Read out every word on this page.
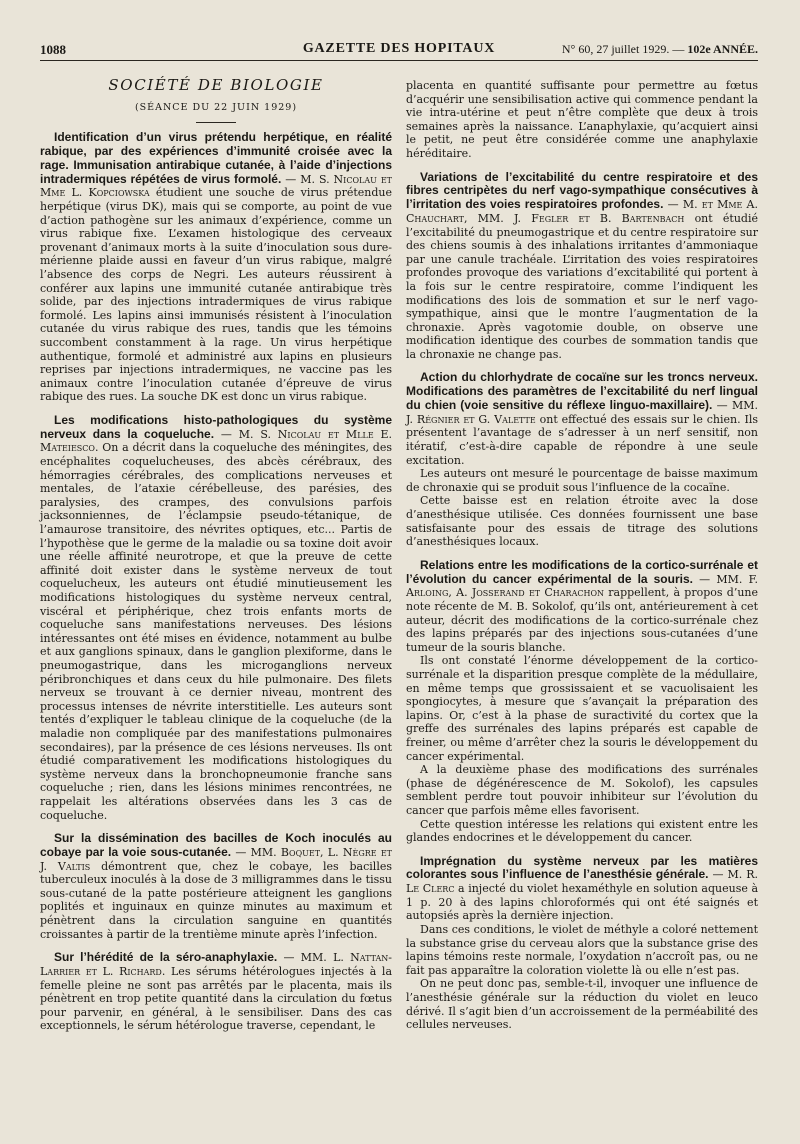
1088	GAZETTE DES HOPITAUX	N° 60, 27 juillet 1929. — 102e ANNÉE.
SOCIÉTÉ DE BIOLOGIE
(SÉANCE DU 22 JUIN 1929)

Identification d’un virus prétendu herpétique, en réalité rabique, par des expériences d’immunité croisée avec la rage. Immunisation antirabique cutanée, à l’aide d’injections intradermiques répétées de virus formolé. — M. S. Nicolau et Mme L. Kopciowska étudient une souche de virus prétendue herpétique (virus DK), mais qui se comporte, au point de vue d’action pathogène sur les animaux d’expérience, comme un virus rabique fixe. L’examen histologique des cerveaux provenant d’animaux morts à la suite d’inoculation sous dure-mérienne plaide aussi en faveur d’un virus rabique, malgré l’absence des corps de Negri. Les auteurs réussirent à conférer aux lapins une immunité cutanée antirabique très solide, par des injections intradermiques de virus rabique formolé. Les lapins ainsi immunisés résistent à l’inoculation cutanée du virus rabique des rues, tandis que les témoins succombent constamment à la rage. Un virus herpétique authentique, formolé et administré aux lapins en plusieurs reprises par injections intradermiques, ne vaccine pas les animaux contre l’inoculation cutanée d’épreuve de virus rabique des rues. La souche DK est donc un virus rabique.

Les modifications histo-pathologiques du système nerveux dans la coqueluche. — M. S. Nicolau et Mlle E. Mateiesco. On a décrit dans la coqueluche des méningites, des encéphalites coquelucheuses, des abcès cérébraux, des hémorragies cérébrales, des complications nerveuses et mentales, de l’ataxie cérébelleuse, des parésies, des paralysies, des crampes, des convulsions parfois jacksonniennes, de l’éclampsie pseudo-tétanique, de l’amaurose transitoire, des névrites optiques, etc... Partis de l’hypothèse que le germe de la maladie ou sa toxine doit avoir une réelle affinité neurotrope, et que la preuve de cette affinité doit exister dans le système nerveux de tout coquelucheux, les auteurs ont étudié minutieusement les modifications histologiques du système nerveux central, viscéral et périphérique, chez trois enfants morts de coqueluche sans manifestations nerveuses. Des lésions intéressantes ont été mises en évidence, notamment au bulbe et aux ganglions spinaux, dans le ganglion plexiforme, dans le pneumogastrique, dans les microganglions nerveux péribronchiques et dans ceux du hile pulmonaire. Des filets nerveux se trouvant à ce dernier niveau, montrent des processus intenses de névrite interstitielle. Les auteurs sont tentés d’expliquer le tableau clinique de la coqueluche (de la maladie non compliquée par des manifestations pulmonaires secondaires), par la présence de ces lésions nerveuses. Ils ont étudié comparativement les modifications histologiques du système nerveux dans la bronchopneumonie franche sans coqueluche ; rien, dans les lésions minimes rencontrées, ne rappelait les altérations observées dans les 3 cas de coqueluche.

Sur la dissémination des bacilles de Koch inoculés au cobaye par la voie sous-cutanée. — MM. Boquet, L. Nègre et J. Valtis démontrent que, chez le cobaye, les bacilles tuberculeux inoculés à la dose de 3 milligrammes dans le tissu sous-cutané de la patte postérieure atteignent les ganglions poplités et inguinaux en quinze minutes au maximum et pénètrent dans la circulation sanguine en quantités croissantes à partir de la trentième minute après l’infection.

Sur l’hérédité de la séro-anaphylaxie. — MM. L. Nattan-Larrier et L. Richard. Les sérums hétérologues injectés à la femelle pleine ne sont pas arrêtés par le placenta, mais ils pénètrent en trop petite quantité dans la circulation du fœtus pour parvenir, en général, à le sensibiliser. Dans des cas exceptionnels, le sérum hétérologue traverse, cependant, le

placenta en quantité suffisante pour permettre au fœtus d’acquérir une sensibilisation active qui commence pendant la vie intra-utérine et peut n’être complète que deux à trois semaines après la naissance. L’anaphylaxie, qu’acquiert ainsi le petit, ne peut être considérée comme une anaphylaxie héréditaire.

Variations de l’excitabilité du centre respiratoire et des fibres centripètes du nerf vago-sympathique consécutives à l’irritation des voies respiratoires profondes. — M. et Mme A. Chauchart, MM. J. Fegler et B. Bartenbach ont étudié l’excitabilité du pneumogastrique et du centre respiratoire sur des chiens soumis à des inhalations irritantes d’ammoniaque par une canule trachéale. L’irritation des voies respiratoires profondes provoque des variations d’excitabilité qui portent à la fois sur le centre respiratoire, comme l’indiquent les modifications des lois de sommation et sur le nerf vago-sympathique, ainsi que le montre l’augmentation de la chronaxie. Après vagotomie double, on observe une modification identique des courbes de sommation tandis que la chronaxie ne change pas.

Action du chlorhydrate de cocaïne sur les troncs nerveux. Modifications des paramètres de l’excitabilité du nerf lingual du chien (voie sensitive du réflexe linguo-maxillaire). — MM. J. Régnier et G. Valette ont effectué des essais sur le chien. Ils présentent l’avantage de s’adresser à un nerf sensitif, non itératif, c’est-à-dire capable de répondre à une seule excitation.

Les auteurs ont mesuré le pourcentage de baisse maximum de chronaxie qui se produit sous l’influence de la cocaïne.

Cette baisse est en relation étroite avec la dose d’anesthésique utilisée. Ces données fournissent une base satisfaisante pour des essais de titrage des solutions d’anesthésiques locaux.

Relations entre les modifications de la cortico-surrénale et l’évolution du cancer expérimental de la souris. — MM. F. Arloing, A. Josserand et Charachon rappellent, à propos d’une note récente de M. B. Sokolof, qu’ils ont, antérieurement à cet auteur, décrit des modifications de la cortico-surrénale chez des lapins préparés par des injections sous-cutanées d’une tumeur de la souris blanche.

Ils ont constaté l’énorme développement de la cortico-surrénale et la disparition presque complète de la médullaire, en même temps que grossissaient et se vacuolisaient les spongiocytes, à mesure que s’avançait la préparation des lapins. Or, c’est à la phase de suractivité du cortex que la greffe des surrénales des lapins préparés est capable de freiner, ou même d’arrêter chez la souris le développement du cancer expérimental.

A la deuxième phase des modifications des surrénales (phase de dégénérescence de M. Sokolof), les capsules semblent perdre tout pouvoir inhibiteur sur l’évolution du cancer que parfois même elles favorisent.

Cette question intéresse les relations qui existent entre les glandes endocrines et le développement du cancer.

Imprégnation du système nerveux par les matières colorantes sous l’influence de l’anesthésie générale. — M. R. Le Clerc a injecté du violet hexaméthyle en solution aqueuse à 1 p. 20 à des lapins chloroformés qui ont été saignés et autopsiés après la dernière injection.

Dans ces conditions, le violet de méthyle a coloré nettement la substance grise du cerveau alors que la substance grise des lapins témoins reste normale, l’oxydation n’accroît pas, ou ne fait pas apparaître la coloration violette là ou elle n’est pas.

On ne peut donc pas, semble-t-il, invoquer une influence de l’anesthésie générale sur la réduction du violet en leuco dérivé. Il s’agit bien d’un accroissement de la perméabilité des cellules nerveuses.
